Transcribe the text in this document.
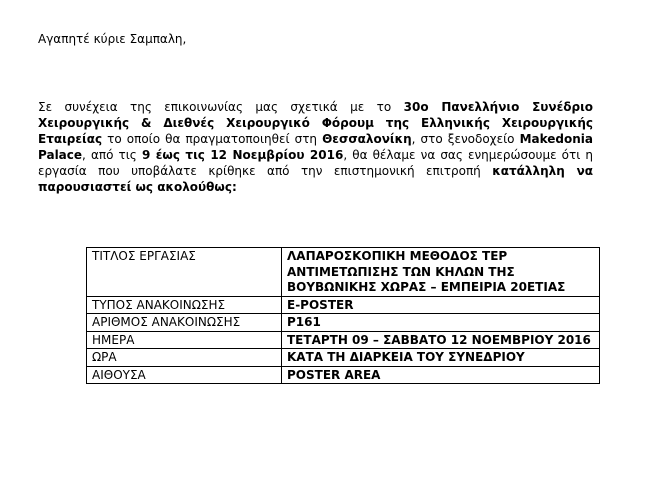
Αγαπητέ κύριε Σαμπαλη,

Σε συνέχεια της επικοινωνίας μας σχετικά με το 30ο Πανελλήνιο Συνέδριο Χειρουργικής & Διεθνές Χειρουργικό Φόρουμ της Ελληνικής Χειρουργικής Εταιρείας το οποίο θα πραγματοποιηθεί στη Θεσσαλονίκη, στο ξενοδοχείο Makedonia Palace, από τις 9 έως τις 12 Νοεμβρίου 2016, θα θέλαμε να σας ενημερώσουμε ότι η εργασία που υποβάλατε κρίθηκε από την επιστημονική επιτροπή κατάλληλη να παρουσιαστεί ως ακολούθως:

ΤΙΤΛΟΣ ΕΡΓΑΣΙΑΣ	ΛΑΠΑΡΟΣΚΟΠΙΚΗ ΜΕΘΟΔΟΣ ΤΕΡ ΑΝΤΙΜΕΤΩΠΙΣΗΣ ΤΩΝ ΚΗΛΩΝ ΤΗΣ ΒΟΥΒΩΝΙΚΗΣ ΧΩΡΑΣ – ΕΜΠΕΙΡΙΑ 20ΕΤΙΑΣ
ΤΥΠΟΣ ΑΝΑΚΟΙΝΩΣΗΣ	E-POSTER
ΑΡΙΘΜΟΣ ΑΝΑΚΟΙΝΩΣΗΣ	P161
ΗΜΕΡΑ	ΤΕΤΑΡΤΗ 09 – ΣΑΒΒΑΤΟ 12 ΝΟΕΜΒΡΙΟΥ 2016
ΩΡΑ	ΚΑΤΑ ΤΗ ΔΙΑΡΚΕΙΑ ΤΟΥ ΣΥΝΕΔΡΙΟΥ
ΑΙΘΟΥΣΑ	POSTER AREA
